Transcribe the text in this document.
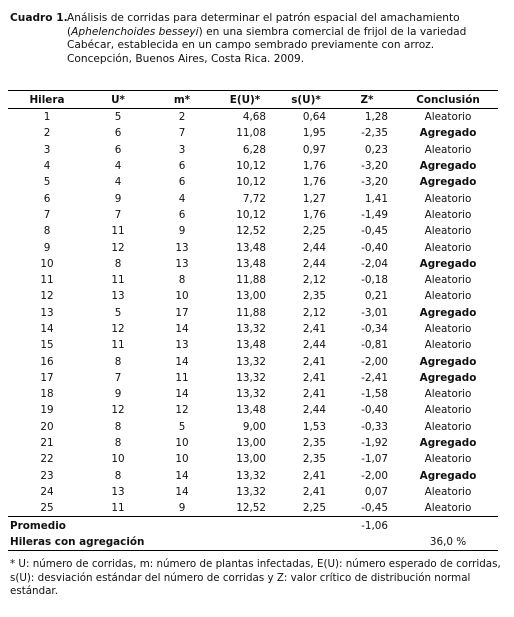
Cuadro 1. Análisis de corridas para determinar el patrón espacial del amachamiento (Aphelenchoides besseyi) en una siembra comercial de frijol de la variedad Cabécar, establecida en un campo sembrado previamente con arroz. Concepción, Buenos Aires, Costa Rica. 2009.
Hilera	U*	m*	E(U)*	s(U)*	Z*	Conclusión
1	5	2	4,68	0,64	1,28	Aleatorio
2	6	7	11,08	1,95	-2,35	Agregado
3	6	3	6,28	0,97	0,23	Aleatorio
4	4	6	10,12	1,76	-3,20	Agregado
5	4	6	10,12	1,76	-3,20	Agregado
6	9	4	7,72	1,27	1,41	Aleatorio
7	7	6	10,12	1,76	-1,49	Aleatorio
8	11	9	12,52	2,25	-0,45	Aleatorio
9	12	13	13,48	2,44	-0,40	Aleatorio
10	8	13	13,48	2,44	-2,04	Agregado
11	11	8	11,88	2,12	-0,18	Aleatorio
12	13	10	13,00	2,35	0,21	Aleatorio
13	5	17	11,88	2,12	-3,01	Agregado
14	12	14	13,32	2,41	-0,34	Aleatorio
15	11	13	13,48	2,44	-0,81	Aleatorio
16	8	14	13,32	2,41	-2,00	Agregado
17	7	11	13,32	2,41	-2,41	Agregado
18	9	14	13,32	2,41	-1,58	Aleatorio
19	12	12	13,48	2,44	-0,40	Aleatorio
20	8	5	9,00	1,53	-0,33	Aleatorio
21	8	10	13,00	2,35	-1,92	Agregado
22	10	10	13,00	2,35	-1,07	Aleatorio
23	8	14	13,32	2,41	-2,00	Agregado
24	13	14	13,32	2,41	0,07	Aleatorio
25	11	9	12,52	2,25	-0,45	Aleatorio
Promedio					-1,06	
Hileras con agregación						36,0 %
* U: número de corridas, m: número de plantas infectadas, E(U): número esperado de corridas, s(U): desviación estándar del número de corridas y Z: valor crítico de distribución normal estándar.
